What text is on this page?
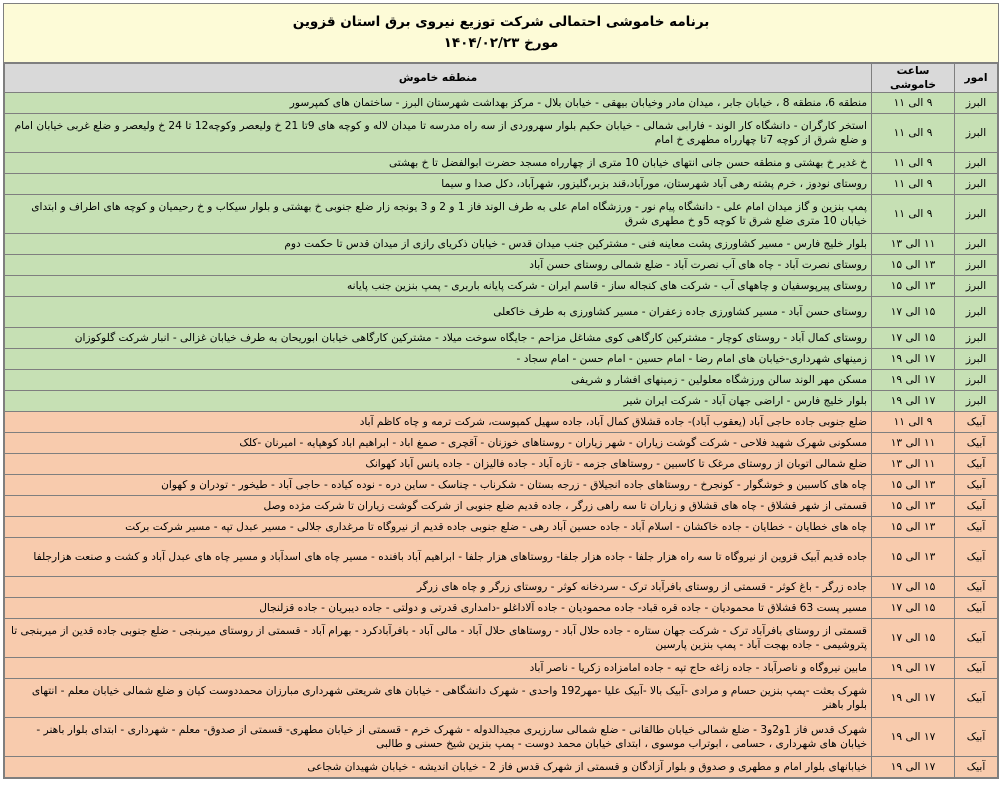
برنامه خاموشی احتمالی شرکت توزیع نیروی برق استان قزوین
مورخ ۱۴۰۴/۰۲/۲۳
امور	ساعت خاموشی	منطقه خاموش
البرز	۹ الی ۱۱	منطقه 6، منطقه 8 ، خیابان جابر ، میدان مادر وخیابان بیهقی - خیابان بلال - مرکز بهداشت شهرستان البرز - ساختمان های کمپرسور
البرز	۹ الی ۱۱	استخر کارگران - دانشگاه کار الوند - فارابی شمالی - خیابان حکیم بلوار سهروردی از سه راه مدرسه تا میدان لاله و کوچه های 9تا 21 خ ولیعصر وکوچه12 تا 24 خ ولیعصر و ضلع غربی خیابان امام و ضلع شرق از کوچه 7تا چهارراه مطهری خ امام
البرز	۹ الی ۱۱	خ غدیر خ بهشتی و منطقه حسن جانی انتهای خیابان 10 متری از چهارراه مسجد حضرت ابوالفضل تا خ بهشتی
البرز	۹ الی ۱۱	روستای نودوز ، خرم پشته رهی آباد شهرستان، مورآباد،قند بزبر،گلیزور، شهرآباد، دکل صدا و سیما
البرز	۹ الی ۱۱	پمپ بنزین و گاز میدان امام علی - دانشگاه پیام نور - ورزشگاه امام علی به طرف الوند فاز 1 و 2 و 3 یونجه زار ضلع جنوبی خ بهشتی و بلوار سیکاب و خ رحیمیان و کوچه های اطراف و ابتدای خیابان 10 متری ضلع شرق تا کوچه 5و خ مطهری شرق
البرز	۱۱ الی ۱۳	بلوار خلیج فارس - مسیر کشاورزی پشت معاینه فنی - مشترکین جنب میدان قدس - خیابان ذکریای رازی از میدان قدس تا حکمت دوم
البرز	۱۳ الی ۱۵	روستای نصرت آباد - چاه های آب نصرت آباد - ضلع شمالی روستای حسن آباد
البرز	۱۳ الی ۱۵	روستای پیرپوسفیان و چاههای آب - شرکت های کنجاله ساز - قاسم ایران - شرکت پایانه باربری - پمپ بنزین جنب پایانه
البرز	۱۵ الی ۱۷	روستای حسن آباد - مسیر کشاورزی جاده زعفران - مسیر کشاورزی به طرف خاکعلی
البرز	۱۵ الی ۱۷	روستای کمال آباد - روستای کوچار - مشترکین کارگاهی کوی مشاغل مزاحم - جایگاه سوخت میلاد - مشترکین کارگاهی خیابان ابوریحان به طرف خیابان غزالی - انبار شرکت گلوکوزان
البرز	۱۷ الی ۱۹	زمینهای شهرداری-خیابان های امام رضا - امام حسین - امام حسن - امام سجاد -
البرز	۱۷ الی ۱۹	مسکن مهر الوند سالن ورزشگاه معلولین - زمینهای افشار و شریفی
البرز	۱۷ الی ۱۹	بلوار خلیج فارس - اراضی جهان آباد - شرکت ایران شیر
آبیک	۹ الی ۱۱	ضلع جنوبی جاده حاجی آباد (یعقوب آباد)- جاده قشلاق کمال آباد، جاده سهیل کمپوست، شرکت ترمه و چاه کاظم آباد
آبیک	۱۱ الی ۱۳	مسکونی شهرک شهید فلاحی - شرکت گوشت زیاران - شهر زیاران - روستاهای خوزنان - آقچری - صمغ اباد - ابراهیم اباد کوهپایه - امیرنان -کلک
آبیک	۱۱ الی ۱۳	ضلع شمالی اتوبان از روستای مرغک تا کاسبین - روستاهای جزمه - تازه آباد - جاده فالیزان - جاده یانس آباد کهوانک
آبیک	۱۳ الی ۱۵	چاه های کاسبین و خوشگوار - کونجرخ - روستاهای جاده انجیلاق - زرجه بستان - شکرناب - چناسک - ساین دره - نوده کیاده - حاجی آباد - طیخور - تودران و کهوان
آبیک	۱۳ الی ۱۵	قسمتی از شهر قشلاق - چاه های قشلاق و زیاران تا سه راهی زرگر ، جاده قدیم ضلع جنوبی از شرکت گوشت زیاران تا شرکت مژده وصل
آبیک	۱۳ الی ۱۵	چاه های خطایان - خطایان - جاده خاکشان - اسلام آباد - جاده حسین آباد رهی - ضلع جنوبی جاده قدیم از نیروگاه تا مرغداری جلالی - مسیر عبدل تپه - مسیر شرکت برکت
آبیک	۱۳ الی ۱۵	جاده قدیم آبیک قزوین از نیروگاه تا سه راه هزار جلفا - جاده هزار جلفا- روستاهای هزار جلفا - ابراهیم آباد بافنده - مسیر چاه های اسدآباد و مسیر چاه های عبدل آباد و کشت و صنعت هزارجلفا
آبیک	۱۵ الی ۱۷	جاده زرگر - باغ کوثر - قسمتی از روستای بافرآباد ترک - سردخانه کوثر - روستای زرگر و چاه های زرگر
آبیک	۱۵ الی ۱۷	مسیر پست 63 قشلاق تا محمودیان - جاده قره قباد- جاده محمودیان - جاده آلاداغلو -دامداری قدرتی و دولتی - جاده دیبریان - جاده قزلنجال
آبیک	۱۵ الی ۱۷	قسمتی از روستای بافرآباد ترک - شرکت جهان ستاره - جاده حلال آباد - روستاهای حلال آباد - مالی آباد - بافرآبادکرد - بهرام آباد - قسمتی از روستای میربنجی - ضلع جنوبی جاده قدین از میربنجی تا پتروشیمی - جاده بهجت آباد - پمپ بنزین پارسین
آبیک	۱۷ الی ۱۹	مابین نیروگاه و ناصرآباد - جاده زاغه حاج تپه - جاده امامزاده زکریا - ناصر آباد
آبیک	۱۷ الی ۱۹	شهرک بعثت -پمپ بنزین حسام و مرادی -آبیک بالا -آبیک علیا -مهر192 واحدی - شهرک دانشگاهی - خیابان های شریعتی شهرداری مبارزان محمددوست کیان و ضلع شمالی خیابان معلم - انتهای بلوار باهنر
آبیک	۱۷ الی ۱۹	شهرک قدس فاز 1و2و3 - ضلع شمالی خیابان طالقانی - ضلع شمالی سارزیری مجیدالدوله - شهرک خرم - قسمتی از خیابان مطهری- قسمتی از صدوق- معلم - شهرداری - ابتدای بلوار باهنر - خیابان های شهرداری ، حسامی ، ابوتراب موسوی ، ابتدای خیابان محمد دوست - پمپ بنزین شیخ حسنی و طالبی
آبیک	۱۷ الی ۱۹	خیابانهای بلوار امام و مطهری و صدوق و بلوار آزادگان و قسمتی از شهرک قدس فاز 2 - خیابان اندیشه - خیابان شهیدان شجاعی
